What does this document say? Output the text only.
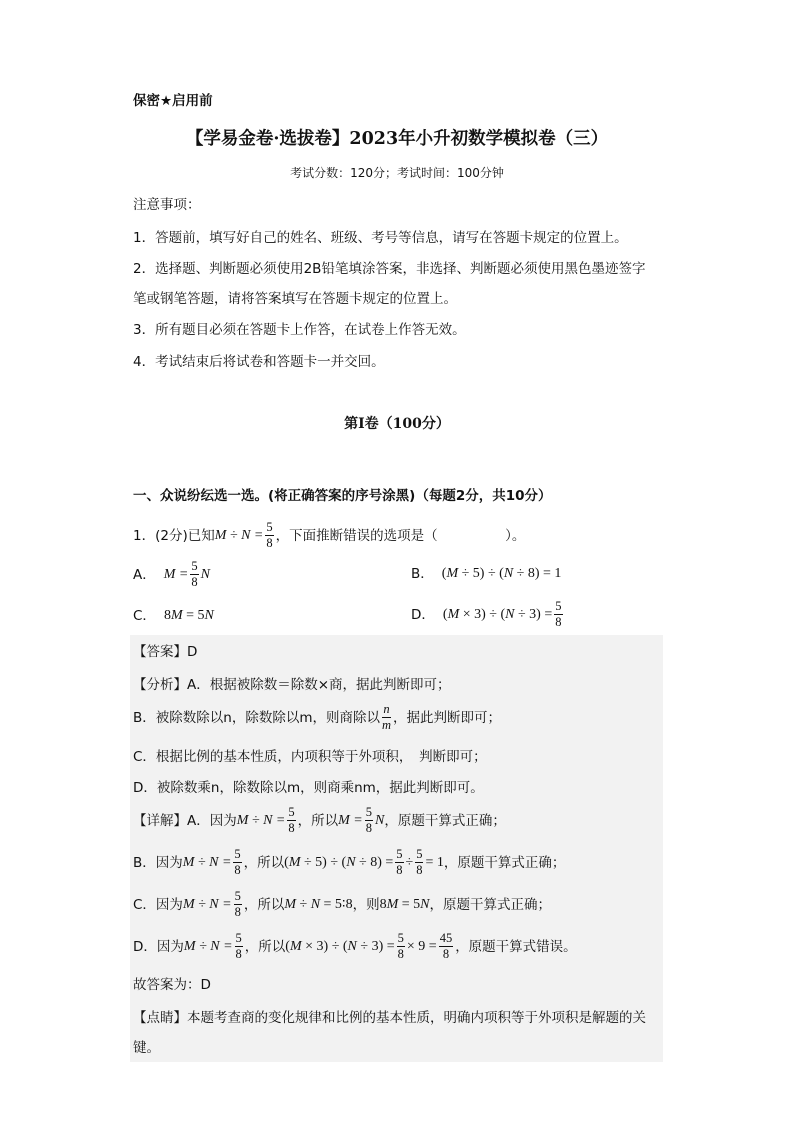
保密★启用前
【学易金卷·选拔卷】2023年小升初数学模拟卷（三）
考试分数：120分；考试时间：100分钟
注意事项：
1．答题前，填写好自己的姓名、班级、考号等信息，请写在答题卡规定的位置上。
2．选择题、判断题必须使用2B铅笔填涂答案，非选择、判断题必须使用黑色墨迹签字
笔或钢笔答题，请将答案填写在答题卡规定的位置上。
3．所有题目必须在答题卡上作答，在试卷上作答无效。
4．考试结束后将试卷和答题卡一并交回。
第I卷（100分）
一、众说纷纭选一选。(将正确答案的序号涂黑)（每题2分，共10分）
1．(2分)已知 $M \div N = \frac{5}{8}$ ，下面推断错误的选项是（　　　　　）。
A． $M = \frac{5}{8}$ N	B． (M ÷ 5) ÷ (N ÷ 8) = 1
C． 8M = 5N	D． $(M \times 3) \div (N \div 3) = \frac{5}{8}$
【答案】D
【分析】A．根据被除数＝除数×商，据此判断即可；
B．被除数除以n，除数除以m，则商除以 $\frac{n}{m}$ ，据此判断即可；
C．根据比例的基本性质，内项积等于外项积，　判断即可；
D．被除数乘n，除数除以m，则商乘nm，据此判断即可。
【详解】A．因为 $M \div N = \frac{5}{8}$ ，所以 $M = \frac{5}{8}$ N ，原题干算式正确；
B．因为 $M \div N = \frac{5}{8}$ ，所以 $(M \div 5) \div (N \div 8) = \frac{5}{8} \div \frac{5}{8} = 1$ ，原题干算式正确；
C．因为 $M \div N = \frac{5}{8}$ ，所以 M ÷ N = 5∶8 ，则 8M = 5N ，原题干算式正确；
D．因为 $M \div N = \frac{5}{8}$ ，所以 $(M \times 3) \div (N \div 3) = \frac{5}{8} \times 9 = \frac{45}{8}$ ，原题干算式错误。
故答案为：D
【点睛】本题考查商的变化规律和比例的基本性质，明确内项积等于外项积是解题的关
键。
